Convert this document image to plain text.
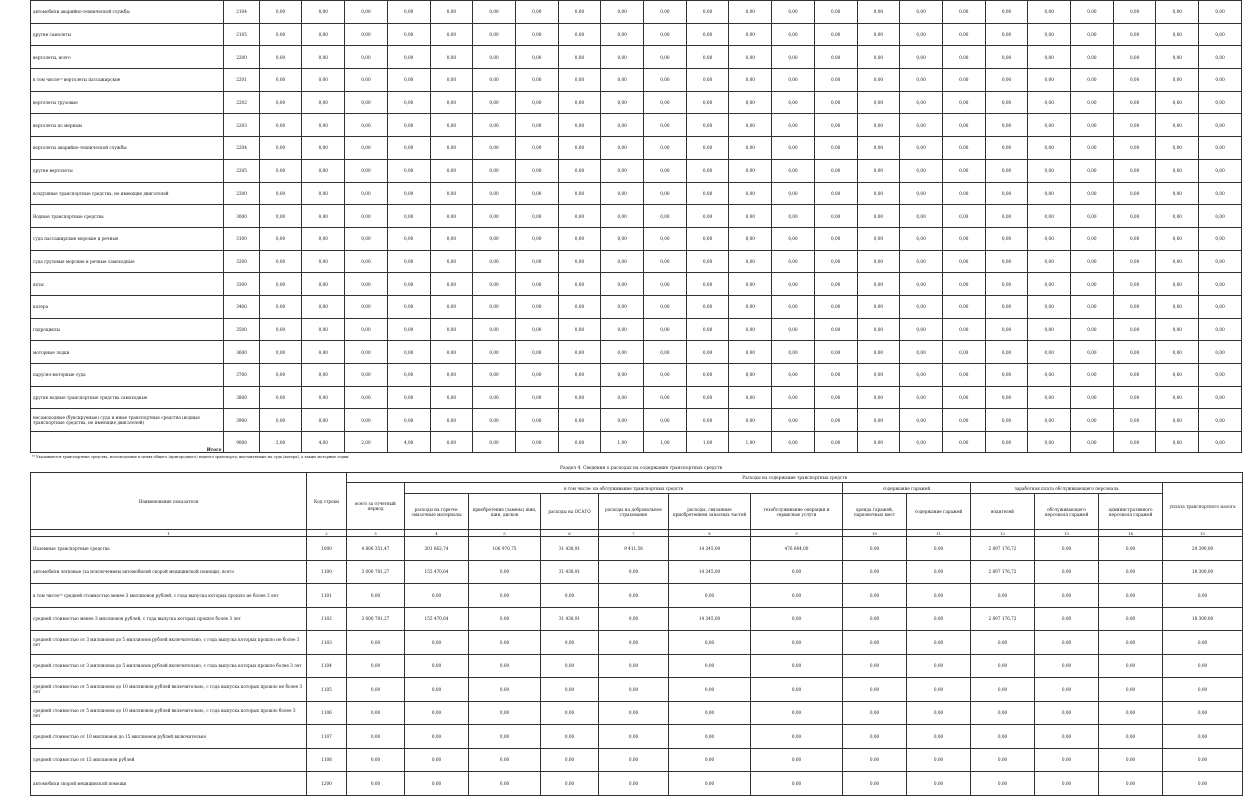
автомобили аварийно-технической службы	2104	0,00	0,00	0,00	0,00	0,00	0,00	0,00	0,00	0,00	0,00	0,00	0,00	0,00	0,00	0,00	0,00	0,00	0,00	0,00	0,00	0,00	0,00	0,00
другие самолеты	2105	0,00	0,00	0,00	0,00	0,00	0,00	0,00	0,00	0,00	0,00	0,00	0,00	0,00	0,00	0,00	0,00	0,00	0,00	0,00	0,00	0,00	0,00	0,00
вертолеты, всего	2200	0,00	0,00	0,00	0,00	0,00	0,00	0,00	0,00	0,00	0,00	0,00	0,00	0,00	0,00	0,00	0,00	0,00	0,00	0,00	0,00	0,00	0,00	0,00
в том числе²⁸ вертолеты пассажирские	2201	0,00	0,00	0,00	0,00	0,00	0,00	0,00	0,00	0,00	0,00	0,00	0,00	0,00	0,00	0,00	0,00	0,00	0,00	0,00	0,00	0,00	0,00	0,00
вертолеты грузовые	2202	0,00	0,00	0,00	0,00	0,00	0,00	0,00	0,00	0,00	0,00	0,00	0,00	0,00	0,00	0,00	0,00	0,00	0,00	0,00	0,00	0,00	0,00	0,00
вертолеты по мерным	2203	0,00	0,00	0,00	0,00	0,00	0,00	0,00	0,00	0,00	0,00	0,00	0,00	0,00	0,00	0,00	0,00	0,00	0,00	0,00	0,00	0,00	0,00	0,00
вертолеты аварийно-технической службы	2204	0,00	0,00	0,00	0,00	0,00	0,00	0,00	0,00	0,00	0,00	0,00	0,00	0,00	0,00	0,00	0,00	0,00	0,00	0,00	0,00	0,00	0,00	0,00
другие вертолеты	2205	0,00	0,00	0,00	0,00	0,00	0,00	0,00	0,00	0,00	0,00	0,00	0,00	0,00	0,00	0,00	0,00	0,00	0,00	0,00	0,00	0,00	0,00	0,00
воздушные транспортные средства, не имеющие двигателей	2300	0,00	0,00	0,00	0,00	0,00	0,00	0,00	0,00	0,00	0,00	0,00	0,00	0,00	0,00	0,00	0,00	0,00	0,00	0,00	0,00	0,00	0,00	0,00
Водные транспортные средства	3000	0,00	0,00	0,00	0,00	0,00	0,00	0,00	0,00	0,00	0,00	0,00	0,00	0,00	0,00	0,00	0,00	0,00	0,00	0,00	0,00	0,00	0,00	0,00
суда пассажирские морские и речные	3100	0,00	0,00	0,00	0,00	0,00	0,00	0,00	0,00	0,00	0,00	0,00	0,00	0,00	0,00	0,00	0,00	0,00	0,00	0,00	0,00	0,00	0,00	0,00
суда грузовые морские и речные самоходные	3200	0,00	0,00	0,00	0,00	0,00	0,00	0,00	0,00	0,00	0,00	0,00	0,00	0,00	0,00	0,00	0,00	0,00	0,00	0,00	0,00	0,00	0,00	0,00
яхты	3300	0,00	0,00	0,00	0,00	0,00	0,00	0,00	0,00	0,00	0,00	0,00	0,00	0,00	0,00	0,00	0,00	0,00	0,00	0,00	0,00	0,00	0,00	0,00
катера	3400	0,00	0,00	0,00	0,00	0,00	0,00	0,00	0,00	0,00	0,00	0,00	0,00	0,00	0,00	0,00	0,00	0,00	0,00	0,00	0,00	0,00	0,00	0,00
гидроциклы	3500	0,00	0,00	0,00	0,00	0,00	0,00	0,00	0,00	0,00	0,00	0,00	0,00	0,00	0,00	0,00	0,00	0,00	0,00	0,00	0,00	0,00	0,00	0,00
моторные лодки	3600	0,00	0,00	0,00	0,00	0,00	0,00	0,00	0,00	0,00	0,00	0,00	0,00	0,00	0,00	0,00	0,00	0,00	0,00	0,00	0,00	0,00	0,00	0,00
парусно-моторные суда	3700	0,00	0,00	0,00	0,00	0,00	0,00	0,00	0,00	0,00	0,00	0,00	0,00	0,00	0,00	0,00	0,00	0,00	0,00	0,00	0,00	0,00	0,00	0,00
другие водные транспортные средства самоходные	3800	0,00	0,00	0,00	0,00	0,00	0,00	0,00	0,00	0,00	0,00	0,00	0,00	0,00	0,00	0,00	0,00	0,00	0,00	0,00	0,00	0,00	0,00	0,00
несамоходные (буксируемые) суда и иные транспортные средства (водные транспортные средства, не имеющие двигателей)	3900	0,00	0,00	0,00	0,00	0,00	0,00	0,00	0,00	0,00	0,00	0,00	0,00	0,00	0,00	0,00	0,00	0,00	0,00	0,00	0,00	0,00	0,00	0,00
Итого	9000	2,00	4,00	2,00	4,00	0,00	0,00	0,00	0,00	1,00	1,00	1,00	1,00	0,00	0,00	0,00	0,00	0,00	0,00	0,00	0,00	0,00	0,00	0,00
²⁸ Указываются транспортные средства, используемые в целях общего (пригородного) водного транспорта, выставляемые на суда (катера), а также моторные лодки
Раздел 4. Сведения о расходах на содержание транспортных средств
Наименование показателя	Код строки	Расходы на содержание транспортных средств												
		всего за отчетный период	в том числе: на обслуживание транспортных средств						содержание гаражей		заработная плата обслуживающего персонала			уплата транспортного налога
			расходы на горюче-смазочные материалы	приобретение (замена) шин, шин, дисков	расходы на ОСАГО	расходы на добровольное страхование	расходы, связанные приобретением запасных частей	техобслуживание операции и сервисные услуги	аренда гаражей, парковочных мест	содержание гаражей	водителей	обслуживающего персонала гаражей	административного персонала гаражей	
1	2	3	4	5	6	7	8	9	10	11	12	13	14	15
Наземные транспортные средства	1000	4 806 351,47	301 662,74	106 970,75	31 438,91	9 411,58	14 345,00	476 664,00	0,00	0,00	2 897 176,72	0,00	0,00	29 390,00
автомобили легковые (за исключением автомобилей скорой медицинской помощи), всего	1100	3 000 781,27	155 470,64	0,00	31 438,91	0,00	14 345,00	0,00	0,00	0,00	2 897 176,72	0,00	0,00	18 300,00
в том числе²⁸ средней стоимостью менее 3 миллионов рублей, с года выпуска которых прошло не более 3 лет	1101	0,00	0,00	0,00	0,00	0,00	0,00	0,00	0,00	0,00	0,00	0,00	0,00	0,00
средней стоимостью менее 3 миллионов рублей, с года выпуска которых прошло более 3 лет	1102	3 000 781,27	155 470,64	0,00	31 438,91	0,00	14 345,00	0,00	0,00	0,00	2 897 176,72	0,00	0,00	18 300,00
средней стоимостью от 3 миллионов до 5 миллионов рублей включительно, с года выпуска которых прошло не более 3 лет	1103	0,00	0,00	0,00	0,00	0,00	0,00	0,00	0,00	0,00	0,00	0,00	0,00	0,00
средней стоимостью от 3 миллионов до 5 миллионов рублей включительно, с года выпуска которых прошло более 3 лет	1104	0,00	0,00	0,00	0,00	0,00	0,00	0,00	0,00	0,00	0,00	0,00	0,00	0,00
средней стоимостью от 5 миллионов до 10 миллионов рублей включительно, с года выпуска которых прошло не более 3 лет	1105	0,00	0,00	0,00	0,00	0,00	0,00	0,00	0,00	0,00	0,00	0,00	0,00	0,00
средней стоимостью от 5 миллионов до 10 миллионов рублей включительно, с года выпуска которых прошло более 3 лет	1106	0,00	0,00	0,00	0,00	0,00	0,00	0,00	0,00	0,00	0,00	0,00	0,00	0,00
средней стоимостью от 10 миллионов до 15 миллионов рублей включительно	1107	0,00	0,00	0,00	0,00	0,00	0,00	0,00	0,00	0,00	0,00	0,00	0,00	0,00
средней стоимостью от 15 миллионов рублей	1108	0,00	0,00	0,00	0,00	0,00	0,00	0,00	0,00	0,00	0,00	0,00	0,00	0,00
автомобили скорой медицинской помощи	1200	0,00	0,00	0,00	0,00	0,00	0,00	0,00	0,00	0,00	0,00	0,00	0,00	0,00
